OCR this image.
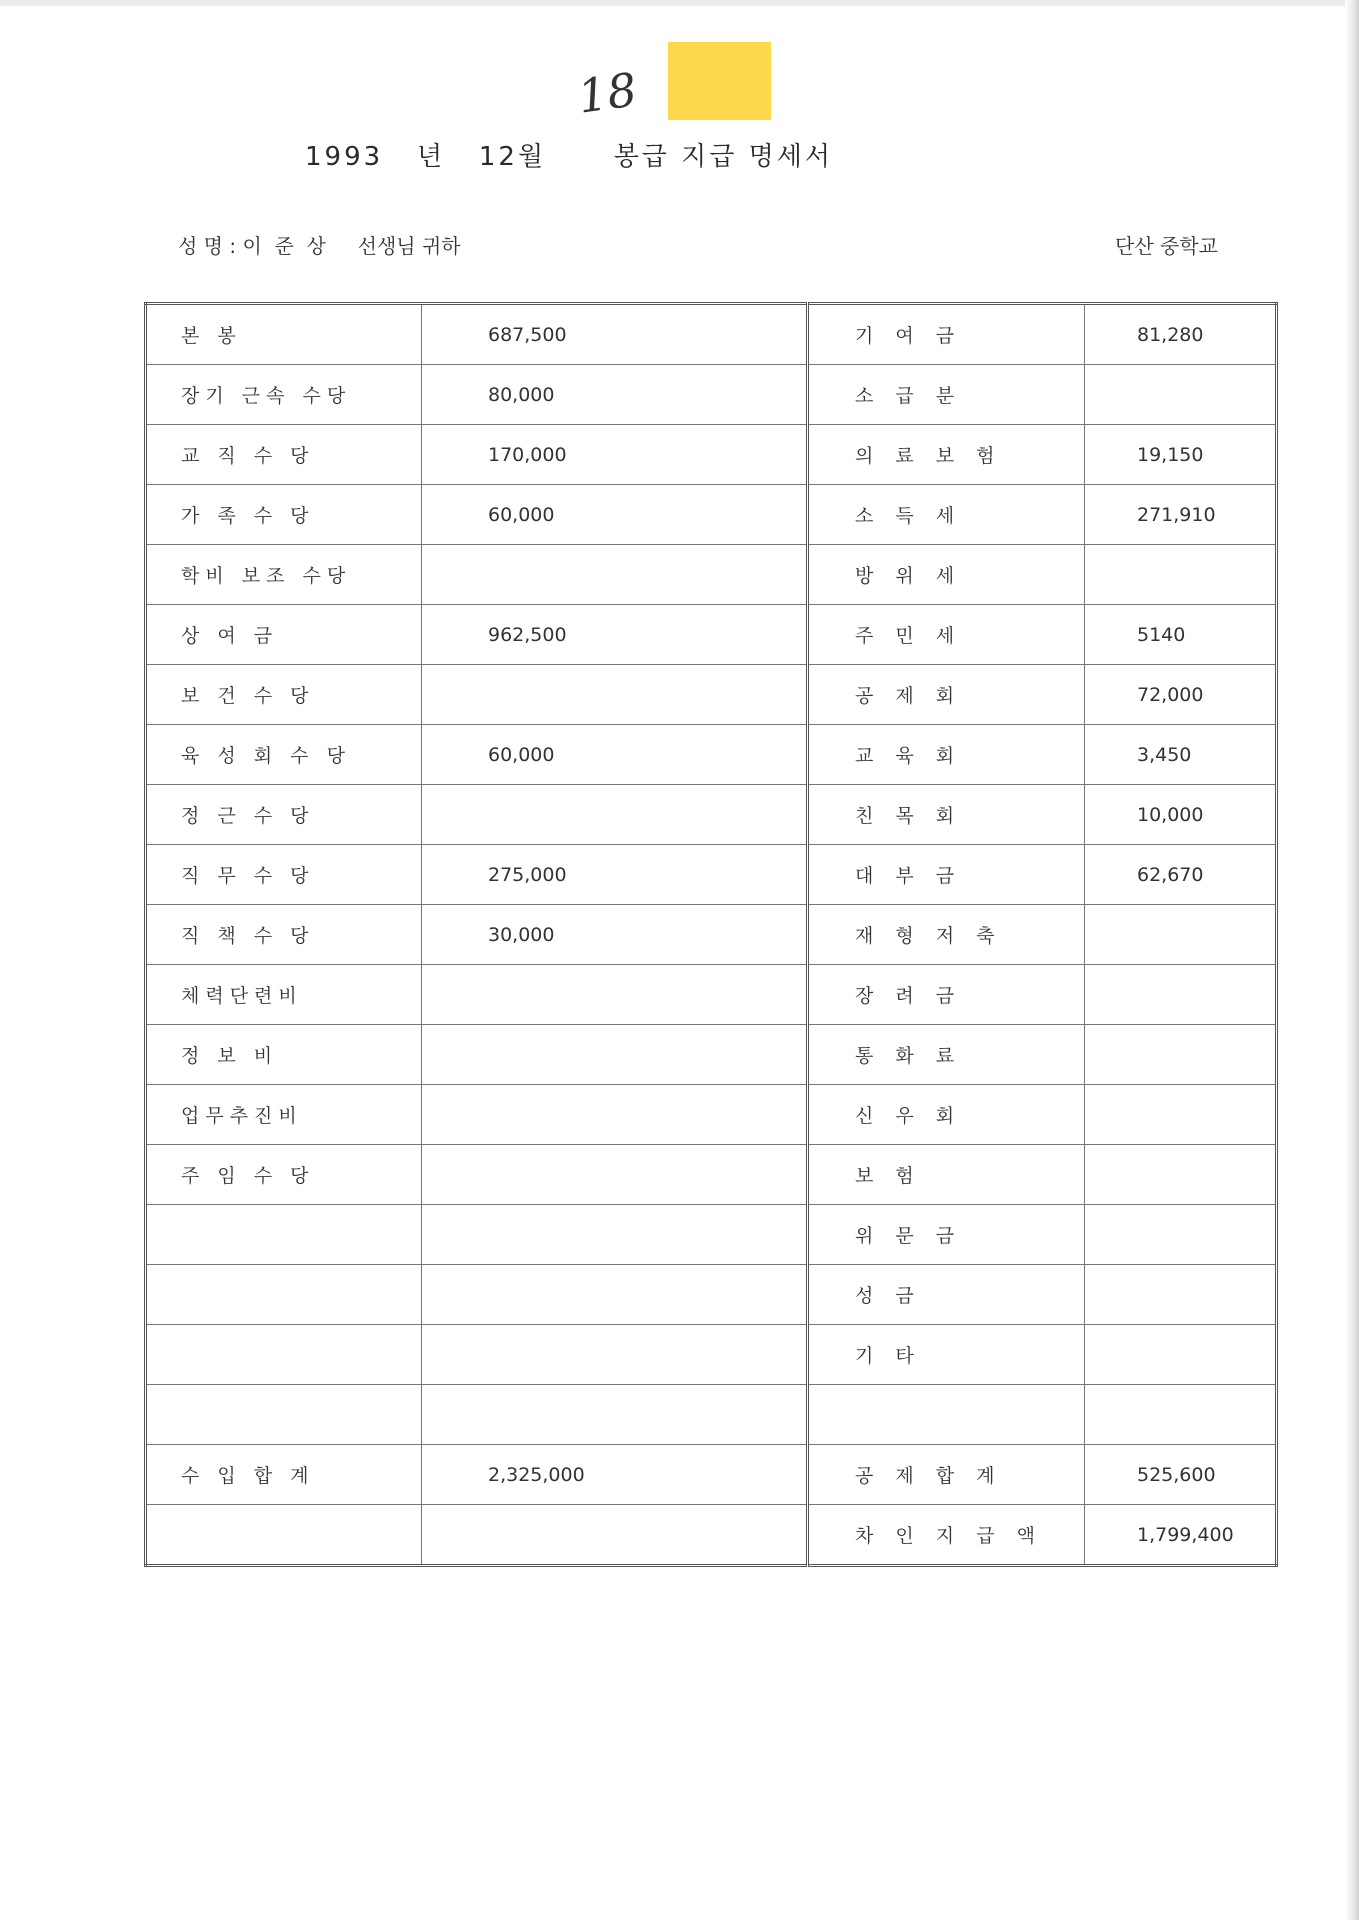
18
1993 년 12월	봉급 지급 명세서
성 명 : 이  준  상 선생님 귀하	단산 중학교
본 봉	687,500	기 여 금	81,280
장기 근속 수당	80,000	소 급 분	
교 직 수 당	170,000	의 료 보 험	19,150
가 족 수 당	60,000	소 득 세	271,910
학비 보조 수당		방 위 세	
상 여 금	962,500	주 민 세	5140
보 건 수 당		공 제 회	72,000
육 성 회 수 당	60,000	교 육 회	3,450
정 근 수 당		친 목 회	10,000
직 무 수 당	275,000	대 부 금	62,670
직 책 수 당	30,000	재 형 저 축	
체력단련비		장 려 금	
정 보 비		통 화 료	
업무추진비		신 우 회	
주 임 수 당		보 험	
		위 문 금	
		성 금	
		기 타	

수 입 합 계	2,325,000	공 제 합 계	525,600
		차 인 지 급 액	1,799,400
